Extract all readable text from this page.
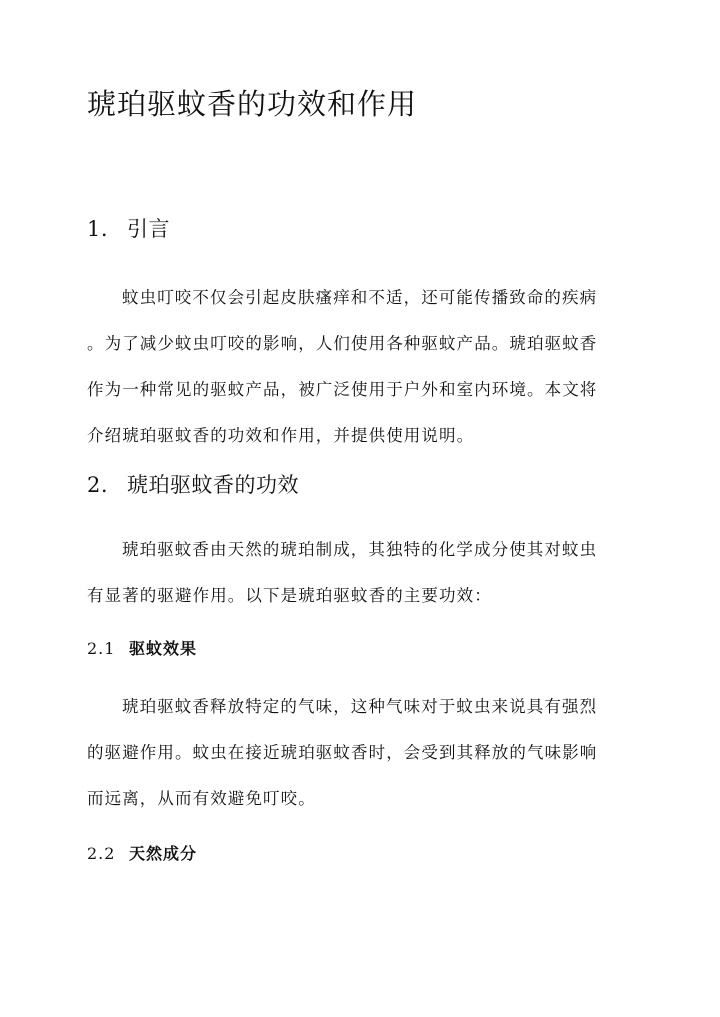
琥珀驱蚊香的功效和作用
1. 引言
蚊虫叮咬不仅会引起皮肤瘙痒和不适，还可能传播致命的疾病
。为了减少蚊虫叮咬的影响，人们使用各种驱蚊产品。琥珀驱蚊香
作为一种常见的驱蚊产品，被广泛使用于户外和室内环境。本文将
介绍琥珀驱蚊香的功效和作用，并提供使用说明。
2. 琥珀驱蚊香的功效
琥珀驱蚊香由天然的琥珀制成，其独特的化学成分使其对蚊虫
有显著的驱避作用。以下是琥珀驱蚊香的主要功效：
2.1 驱蚊效果
琥珀驱蚊香释放特定的气味，这种气味对于蚊虫来说具有强烈
的驱避作用。蚊虫在接近琥珀驱蚊香时，会受到其释放的气味影响
而远离，从而有效避免叮咬。
2.2 天然成分
